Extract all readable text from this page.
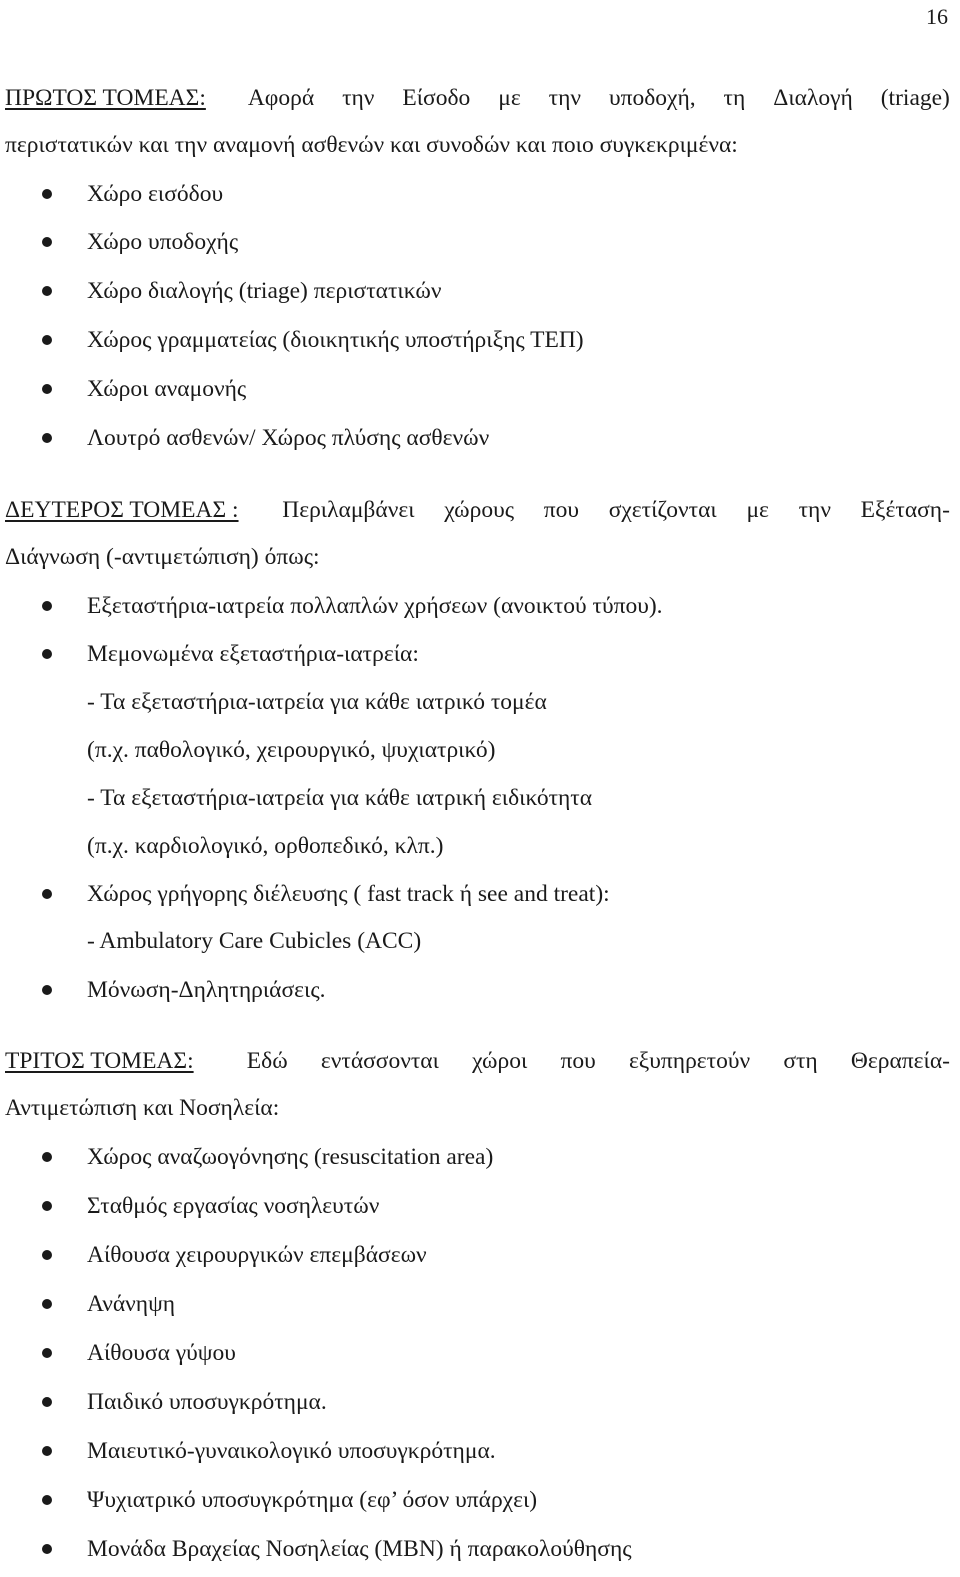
16
ΠΡΩΤΟΣ ΤΟΜΕΑΣ: Αφορά την Είσοδο με την υποδοχή, τη Διαλογή (triage)
περιστατικών και την αναμονή ασθενών και συνοδών και ποιο συγκεκριμένα:
Χώρο εισόδου
Χώρο υποδοχής
Χώρο διαλογής (triage) περιστατικών
Χώρος γραμματείας (διοικητικής υποστήριξης ΤΕΠ)
Χώροι αναμονής
Λουτρό ασθενών/ Χώρος πλύσης ασθενών
ΔΕΥΤΕΡΟΣ ΤΟΜΕΑΣ : Περιλαμβάνει χώρους που σχετίζονται με την Εξέταση-
Διάγνωση (-αντιμετώπιση) όπως:
Εξεταστήρια-ιατρεία πολλαπλών χρήσεων (ανοικτού τύπου).
Μεμονωμένα εξεταστήρια-ιατρεία:
- Τα εξεταστήρια-ιατρεία για κάθε ιατρικό τομέα
(π.χ. παθολογικό, χειρουργικό, ψυχιατρικό)
- Τα εξεταστήρια-ιατρεία για κάθε ιατρική ειδικότητα
(π.χ. καρδιολογικό, ορθοπεδικό, κλπ.)
Χώρος γρήγορης διέλευσης ( fast track ή see and treat):
- Ambulatory Care Cubicles (ACC)
Μόνωση-Δηλητηριάσεις.
ΤΡΙΤΟΣ ΤΟΜΕΑΣ: Εδώ εντάσσονται χώροι που εξυπηρετούν στη Θεραπεία-
Αντιμετώπιση και Νοσηλεία:
Χώρος αναζωογόνησης (resuscitation area)
Σταθμός εργασίας νοσηλευτών
Αίθουσα χειρουργικών επεμβάσεων
Ανάνηψη
Αίθουσα γύψου
Παιδικό υποσυγκρότημα.
Μαιευτικό-γυναικολογικό υποσυγκρότημα.
Ψυχιατρικό υποσυγκρότημα (εφ’ όσον υπάρχει)
Μονάδα Βραχείας Νοσηλείας (ΜΒΝ) ή παρακολούθησης
